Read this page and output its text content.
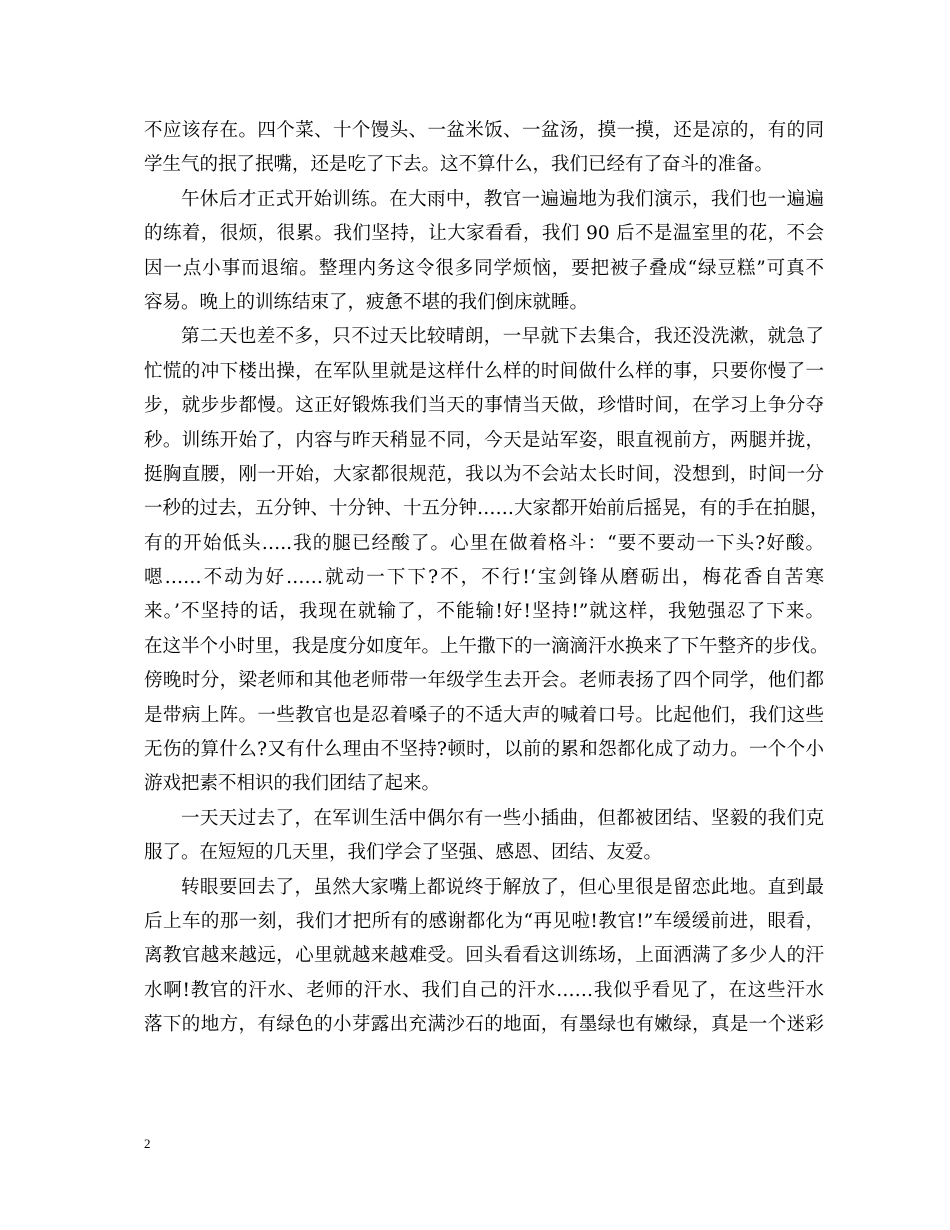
不应该存在。四个菜、十个馒头、一盆米饭、一盆汤，摸一摸，还是凉的，有的同
学生气的抿了抿嘴，还是吃了下去。这不算什么，我们已经有了奋斗的准备。
午休后才正式开始训练。在大雨中，教官一遍遍地为我们演示，我们也一遍遍
的练着，很烦，很累。我们坚持，让大家看看，我们 90 后不是温室里的花，不会
因一点小事而退缩。整理内务这令很多同学烦恼，要把被子叠成“绿豆糕”可真不
容易。晚上的训练结束了，疲惫不堪的我们倒床就睡。
第二天也差不多，只不过天比较晴朗，一早就下去集合，我还没洗漱，就急了
忙慌的冲下楼出操，在军队里就是这样什么样的时间做什么样的事，只要你慢了一
步，就步步都慢。这正好锻炼我们当天的事情当天做，珍惜时间，在学习上争分夺
秒。训练开始了，内容与昨天稍显不同，今天是站军姿，眼直视前方，两腿并拢，
挺胸直腰，刚一开始，大家都很规范，我以为不会站太长时间，没想到，时间一分
一秒的过去，五分钟、十分钟、十五分钟……大家都开始前后摇晃，有的手在拍腿，
有的开始低头…..我的腿已经酸了。心里在做着格斗：“要不要动一下头?好酸。
嗯……不动为好……就动一下下?不，不行!‘宝剑锋从磨砺出，梅花香自苦寒
来。’不坚持的话，我现在就输了，不能输!好!坚持!”就这样，我勉强忍了下来。
在这半个小时里，我是度分如度年。上午撒下的一滴滴汗水换来了下午整齐的步伐。
傍晚时分，梁老师和其他老师带一年级学生去开会。老师表扬了四个同学，他们都
是带病上阵。一些教官也是忍着嗓子的不适大声的喊着口号。比起他们，我们这些
无伤的算什么?又有什么理由不坚持?顿时，以前的累和怨都化成了动力。一个个小
游戏把素不相识的我们团结了起来。
一天天过去了，在军训生活中偶尔有一些小插曲，但都被团结、坚毅的我们克
服了。在短短的几天里，我们学会了坚强、感恩、团结、友爱。
转眼要回去了，虽然大家嘴上都说终于解放了，但心里很是留恋此地。直到最
后上车的那一刻，我们才把所有的感谢都化为“再见啦!教官!”车缓缓前进，眼看，
离教官越来越远，心里就越来越难受。回头看看这训练场，上面洒满了多少人的汗
水啊!教官的汗水、老师的汗水、我们自己的汗水……我似乎看见了，在这些汗水
落下的地方，有绿色的小芽露出充满沙石的地面，有墨绿也有嫩绿，真是一个迷彩
2
